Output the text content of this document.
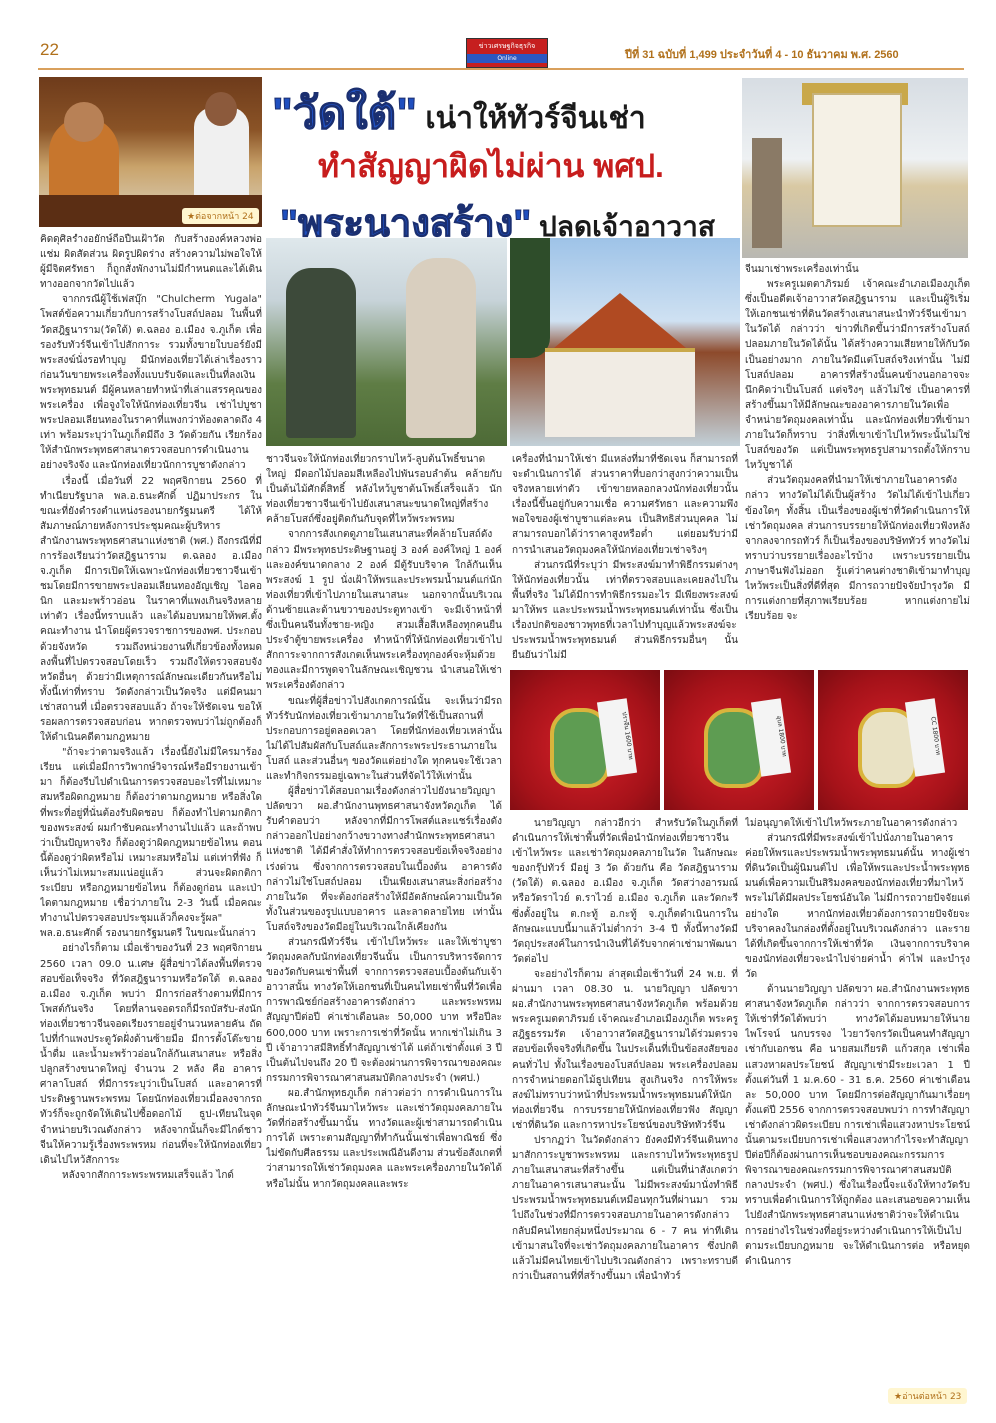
22	ข่าวเศรษฐกิจธุรกิจ
Online	ปีที่ 31 ฉบับที่ 1,499 ประจำวันที่ 4 - 10 ธันวาคม พ.ศ. 2560
★ต่อจากหน้า 24
"วัดใต้" เน่าให้ทัวร์จีนเช่า
ทำสัญญาผิดไม่ผ่าน พศป.
"พระนางสร้าง" ปลดเจ้าอาวาส
ปราจีน 1600 บาท	อุบล 1800 บาท	CC 1800 บาท

คิดดุศิลรำงอยักษ์ถือปืนเฝ้าวัด กับสร้างองค์หลวงพ่อแช่ม ผิดสัดส่วน ผิดรูปผิดร่าง สร้างความไม่พอใจให้ผู้มีจิตศรัทธา ก็ถูกสั่งพักงานไม่มีกำหนดและได้เดินทางออกจากวัดไปแล้ว

จากกรณีผู้ใช้เฟสบุ๊ก "Chulcherm Yugala" โพสต์ข้อความเกี่ยวกับการสร้างโบสถ์ปลอม ในพื้นที่วัดสฎิฐนาราม(วัดใต้) ต.ฉลอง อ.เมือง จ.ภูเก็ต เพื่อรองรับทัวร์จีนเข้าไปสักการะ รวมทั้งขายใบบอร์ยังมีพระสงฆ์นั่งรอทำบุญ มีนักท่องเที่ยวได้เล่าเรื่องราว ก่อนวันขายพระเครื่องทั้งแบบรับจัดและเป็นที่ลงเงินพระพุทธมนต์ มีผู้คนหลายทำหน้าที่เล่าแสรรคุณของพระเครื่อง เพื่อจูงใจให้นักท่องเที่ยวจีน เช่าไปบูชาพระปลอมเลียนทองในราคาที่แพงกว่าท้องตลาดถึง 4 เท่า พร้อมระบุว่าในภูเก็ตมีถึง 3 วัดด้วยกัน เรียกร้องให้สำนักพระพุทธศาสนาตรวจสอบการดำเนินงานอย่างจริงจัง และนักท่องเที่ยวนักการบูชาดังกล่าว

เรื่องนี้ เมื่อวันที่ 22 พฤศจิกายน 2560 ที่ทำเนียบรัฐบาล พล.อ.ธนะศักดิ์ ปฏิมาประกร ในขณะที่ยังดำรงตำแหน่งรองนายกรัฐมนตรี ได้ให้สัมภาษณ์ภายหลังการประชุมคณะผู้บริหารสำนักงานพระพุทธศาสนาแห่งชาติ (พศ.) ถึงกรณีที่มีการร้องเรียนว่าวัดสฎิฐนาราม ต.ฉลอง อ.เมือง จ.ภูเก็ต มีการเปิดให้เฉพาะนักท่องเที่ยวชาวจีนเข้าชมโดยมีการขายพระปลอมเลียนทองอัญเชิญ ไอคอนิก และมะพร้าวอ่อน ในราคาที่แพงเกินจริงหลายเท่าตัว เรื่องนี้ทราบแล้ว และได้มอบหมายให้พศ.ตั้งคณะทำงาน นำโดยผู้ตรวจราชการของพศ. ประกอบด้วยจังหวัด รวมถึงหน่วยงานที่เกี่ยวข้องทั้งหมด ลงพื้นที่ไปตรวจสอบโดยเร็ว รวมถึงให้ตรวจสอบจังหวัดอื่นๆ ด้วยว่ามีเหตุการณ์ลักษณะเดียวกันหรือไม่ ทั้งนี้เท่าที่ทราบ วัดดังกล่าวเป็นวัดจริง แต่มีคนมาเช่าสถานที่ เมื่อตรวจสอบแล้ว ถ้าจะให้ชัดเจน ขอให้รอผลการตรวจสอบก่อน หากตรวจพบว่าไม่ถูกต้องก็ให้ดำเนินคดีตามกฎหมาย

"ถ้าจะว่าตามจริงแล้ว เรื่องนี้ยังไม่มีใครมาร้องเรียน แต่เมื่อมีการวิพากษ์วิจารณ์หรือมีรายงานเข้ามา ก็ต้องรีบไปดำเนินการตรวจสอบอะไรที่ไม่เหมาะสมหรือผิดกฎหมาย ก็ต้องว่าตามกฎหมาย หรือสิ่งใดที่พระที่อยู่ที่นั่นต้องรับผิดชอบ ก็ต้องทำไปตามกติกาของพระสงฆ์ ผมกำชับคณะทำงานไปแล้ว และถ้าพบว่าเป็นปัญหาจริง ก็ต้องดูว่าผิดกฎหมายข้อไหน ตอนนี้ต้องดูว่าผิดหรือไม่ เหมาะสมหรือไม่ แต่เท่าที่ฟัง ก็เห็นว่าไม่เหมาะสมแน่อยู่แล้ว ส่วนจะผิดกติกา ระเบียบ หรือกฎหมายข้อไหน ก็ต้องดูก่อน และเป่าไดตามกฎหมาย เชื่อว่าภายใน 2-3 วันนี้ เมื่อคณะทำงานไปตรวจสอบประชุมแล้วก็คงจะรู้ผล" พล.อ.ธนะศักดิ์ รองนายกรัฐมนตรี ในขณะนั้นกล่าว

อย่างไรก็ตาม เมื่อเช้าของวันที่ 23 พฤศจิกายน 2560 เวลา 09.0 น.เศษ ผู้สื่อข่าวได้ลงพื้นที่ตรวจสอบข้อเท็จจริง ที่วัดสฎิฐนารามหรือวัดใต้ ต.ฉลอง อ.เมือง จ.ภูเก็ต พบว่า มีการก่อสร้างตามที่มีการโพสต์กันจริง โดยที่ลานจอดรถก็มีรถบัสรับ-ส่งนักท่องเที่ยวชาวจีนจอดเรียงรายอยู่จำนวนหลายคัน ถัดไปที่กำแพงประตูวัดฝั่งด้านซ้ายมือ มีการตั้งโต๊ะขายน้ำดื่ม และน้ำมะพร้าวอ่อนใกล้กันเสนาสนะ หรือสิ่งปลูกสร้างขนาดใหญ่ จำนวน 2 หลัง คือ อาคารศาลาโบสถ์ ที่มีการระบุว่าเป็นโบสถ์ และอาคารที่ประดิษฐานพระพรหม โดยนักท่องเที่ยวเมื่อลงจากรถทัวร์ก็จะถูกจัดให้เดินไปซื้อดอกไม้ ธูป-เทียนในจุดจำหน่ายบริเวณดังกล่าว หลังจากนั้นก็จะมีไกด์ชาวจีนให้ความรู้เรื่องพระพรหม ก่อนที่จะให้นักท่องเที่ยวเดินไปไหว้สักการะ

หลังจากสักการะพระพรหมเสร็จแล้ว ไกด์

ชาวจีนจะให้นักท่องเที่ยวกราบไหว้-ลูบต้นโพธิ์ขนาดใหญ่ มีดอกไม้ปลอมสีเหลืองไปพันรอบลำต้น คล้ายกับเป็นต้นไม้ศักดิ์สิทธิ์ หลังไหว้บูชาต้นโพธิ์เสร็จแล้ว นักท่องเที่ยวชาวจีนเข้าไปยังเสนาสนะขนาดใหญ่ที่สร้างคล้ายโบสถ์ซึ่งอยู่ติดกันกับจุดที่ไหว้พระพรหม

จากการสังเกตดูภายในเสนาสนะที่คล้ายโบสถ์ดังกล่าว มีพระพุทธประดิษฐานอยู่ 3 องค์ องค์ใหญ่ 1 องค์ และองค์ขนาดกลาง 2 องค์ มีตู้รับบริจาค ใกล้กันเห็นพระสงฆ์ 1 รูป นั่งเฝ้าให้พรและประพรมน้ำมนต์แก่นักท่องเที่ยวที่เข้าไปภายในเสนาสนะ นอกจากนั้นบริเวณด้านซ้ายและด้านขวาของประตูทางเข้า จะมีเจ้าหน้าที่ซึ่งเป็นคนจีนทั้งชาย-หญิง สวมเสื้อสีเหลืองทุกคนยืนประจำตู้ขายพระเครื่อง ทำหน้าที่ให้นักท่องเที่ยวเข้าไปสักการะจากการสังเกตเห็นพระเครื่องทุกองค์จะหุ้มด้วยทองและมีการพูดจาในลักษณะเชิญชวน นำเสนอให้เช่าพระเครื่องดังกล่าว

ขณะที่ผู้สื่อข่าวไปสังเกตการณ์นั้น จะเห็นว่ามีรถทัวร์รับนักท่องเที่ยวเข้ามาภายในวัดที่ใช้เป็นสถานที่ประกอบการอยู่ตลอดเวลา โดยที่นักท่องเที่ยวเหล่านั้น ไม่ได้ไปสัมผัสกับโบสถ์และสักการะพระประธานภายในโบสถ์ และส่วนอื่นๆ ของวัดแต่อย่างใด ทุกคนจะใช้เวลา และทำกิจกรรมอยู่เฉพาะในส่วนที่จัดไว้ให้เท่านั้น

ผู้สื่อข่าวได้สอบถามเรื่องดังกล่าวไปยังนายวิญญา ปลัดขวา ผอ.สำนักงานพุทธศาสนาจังหวัดภูเก็ต ได้รับคำตอบว่า หลังจากที่มีการโพสต์และแชร์เรื่องดังกล่าวออกไปอย่างกว้างขวางทางสำนักพระพุทธศาสนาแห่งชาติ ได้มีคำสั่งให้ทำการตรวจสอบข้อเท็จจริงอย่างเร่งด่วน ซึ่งจากการตรวจสอบในเบื้องต้น อาคารดังกล่าวไม่ใช่โบสถ์ปลอม เป็นเพียงเสนาสนะสิ่งก่อสร้างภายในวัด ที่จะต้องก่อสร้างให้มีอัตลักษณ์ความเป็นวัด ทั้งในส่วนของรูปแบบอาคาร และลาดลายไทย เท่านั้น โบสถ์จริงของวัดมีอยู่ในบริเวณใกล้เคียงกัน

ส่วนกรณีทัวร์จีน เข้าไปไหว้พระ และให้เช่าบูชาวัตถุมงคลกับนักท่องเที่ยวจีนนั้น เป็นการบริหารจัดการของวัดกับคนเช่าพื้นที่ จากการตรวจสอบเบื้องต้นกับเจ้าอาวาสนั้น ทางวัดให้เอกชนที่เป็นคนไทยเช่าพื้นที่วัดเพื่อการพาณิชย์ก่อสร้างอาคารดังกล่าว และพระพรหม สัญญาปีต่อปี ค่าเช่าเดือนละ 50,000 บาท หรือปีละ 600,000 บาท เพราะการเช่าที่วัดนั้น หากเช่าไม่เกิน 3 ปี เจ้าอาวาสมีสิทธิ์ทำสัญญาเช่าได้ แต่ถ้าเช่าตั้งแต่ 3 ปี เป็นต้นไปจนถึง 20 ปี จะต้องผ่านการพิจารณาของคณะกรรมการพิจารณาศาสนสมบัติกลางประจำ (พศป.)

ผอ.สำนักพุทธภูเก็ต กล่าวต่อว่า การดำเนินการในลักษณะนำทัวร์จีนมาไหว้พระ และเช่าวัตถุมงคลภายในวัดที่ก่อสร้างขึ้นมานั้น ทางวัดและผู้เช่าสามารถดำเนินการได้ เพราะตามสัญญาที่ทำกันนั้นเช่าเพื่อพาณิชย์ ซึ่งไม่ขัดกับศีลธรรม และประเพณีอันดีงาม ส่วนข้อสังเกตที่ว่าสามารถให้เช่าวัตถุมงคล และพระเครื่องภายในวัดได้หรือไม่นั้น หากวัตถุมงคลและพระ

เครื่องที่นำมาให้เช่า มีแหล่งที่มาที่ชัดเจน ก็สามารถที่จะดำเนินการได้ ส่วนราคาที่บอกว่าสูงกว่าความเป็นจริงหลายเท่าตัว เข้าขายหลอกลวงนักท่องเที่ยวนั้น เรื่องนี้ขึ้นอยู่กับความเชื่อ ความศรัทธา และความพึงพอใจของผู้เช่าบูชาแต่ละคน เป็นสิทธิส่วนบุคคล ไม่สามารถบอกได้ว่าราคาสูงหรือต่ำ แต่ยอมรับว่ามีการนำเสนอวัตถุมงคลให้นักท่องเที่ยวเช่าจริงๆ

ส่วนกรณีที่ระบุว่า มีพระสงฆ์มาทำพิธีกรรมต่างๆ ให้นักท่องเที่ยวนั้น เท่าที่ตรวจสอบและเคยลงไปในพื้นที่จริง ไม่ได้มีการทำพิธีกรรมอะไร มีเพียงพระสงฆ์มาให้พร และประพรมน้ำพระพุทธมนต์เท่านั้น ซึ่งเป็นเรื่องปกติของชาวพุทธที่เวลาไปทำบุญแล้วพระสงฆ์จะประพรมน้ำพระพุทธมนต์ ส่วนพิธีกรรมอื่นๆ นั้น ยืนยันว่าไม่มี

จีนมาเช่าพระเครื่องเท่านั้น

พระครูเมตตาภิรมย์ เจ้าคณะอำเภอเมืองภูเก็ต ซึ่งเป็นอดีตเจ้าอาวาสวัดสฎิฐนาราม และเป็นผู้ริเริ่มให้เอกชนเช่าที่ดินวัดสร้างเสนาสนะนำทัวร์จีนเข้ามาในวัดได้ กล่าวว่า ข่าวที่เกิดขึ้นว่ามีการสร้างโบสถ์ปลอมภายในวัดได้นั้น ได้สร้างความเสียหายให้กับวัดเป็นอย่างมาก ภายในวัดมีแต่โบสถ์จริงเท่านั้น ไม่มีโบสถ์ปลอม อาคารที่สร้างนั้นคนข้างนอกอาจจะนึกคิดว่าเป็นโบสถ์ แต่จริงๆ แล้วไม่ใช่ เป็นอาคารที่สร้างขึ้นมาให้มีลักษณะของอาคารภายในวัดเพื่อจำหน่ายวัตถุมงคลเท่านั้น และนักท่องเที่ยวที่เข้ามาภายในวัดก็ทราบ ว่าสิ่งที่เขาเข้าไปไหว้พระนั้นไม่ใช่โบสถ์ของวัด แต่เป็นพระพุทธรูปสามารถตั้งให้กราบไหว้บูชาได้

ส่วนวัตถุมงคลที่นำมาให้เช่าภายในอาคารดังกล่าว ทางวัดไม่ได้เป็นผู้สร้าง วัดไม่ได้เข้าไปเกี่ยวข้องใดๆ ทั้งสิ้น เป็นเรื่องของผู้เช่าที่วัดดำเนินการให้เช่าวัตถุมงคล ส่วนการบรรยายให้นักท่องเที่ยวฟังหลังจากลงจากรถทัวร์ ก็เป็นเรื่องของบริษัททัวร์ ทางวัดไม่ทราบว่าบรรยายเรื่องอะไรบ้าง เพราะบรรยายเป็นภาษาจีนฟังไม่ออก รู้แต่ว่าคนต่างชาติเข้ามาทำบุญไหว้พระเป็นสิ่งที่ดีที่สุด มีการถวายปัจจัยบำรุงวัด มีการแต่งกายที่สุภาพเรียบร้อย หากแต่งกายไม่เรียบร้อย จะ

นายวิญญา กล่าวอีกว่า สำหรับวัดในภูเก็ตที่ดำเนินการให้เช่าพื้นที่วัดเพื่อนำนักท่องเที่ยวชาวจีนเข้าไหว้พระ และเช่าวัตถุมงคลภายในวัด ในลักษณะของกรุ๊ปทัวร์ มีอยู่ 3 วัด ด้วยกัน คือ วัดสฎิฐนาราม (วัดใต้) ต.ฉลอง อ.เมือง จ.ภูเก็ต วัดสว่างอารมณ์ หรือวัดราไวย์ ต.ราไวย์ อ.เมือง จ.ภูเก็ต และวัดกะรี ซึ่งตั้งอยู่ใน ต.กะทู้ อ.กะทู้ จ.ภูเก็ตดำเนินการในลักษณะแบบนี้มาแล้วไม่ต่ำกว่า 3-4 ปี ทั้งนี้ทางวัดมีวัตถุประสงค์ในการนำเงินที่ได้รับจากค่าเช่ามาพัฒนาวัดต่อไป

จะอย่างไรก็ตาม ล่าสุดเมื่อเช้าวันที่ 24 พ.ย. ที่ผ่านมา เวลา 08.30 น. นายวิญญา ปลัดขวา ผอ.สำนักงานพระพุทธศาสนาจังหวัดภูเก็ต พร้อมด้วย พระครูเมตตาภิรมย์ เจ้าคณะอำเภอเมืองภูเก็ต พระครูสฎิฐธรรมรัต เจ้าอาวาสวัดสฎิฐนารามได้ร่วมตรวจสอบข้อเท็จจริงที่เกิดขึ้น ในประเด็นที่เป็นข้อสงสัยของคนทั่วไป ทั้งในเรื่องของโบสถ์ปลอม พระเครื่องปลอม การจำหน่ายดอกไม้ธูปเทียน สูงเกินจริง การให้พระสงฆ์ไม่ทราบว่าหน้าที่ประพรมน้ำพระพุทธมนต์ให้นักท่องเที่ยวจีน การบรรยายให้นักท่องเที่ยวฟัง สัญญาเช่าที่ดินวัด และการหาประโยชน์ของบริษัททัวร์จีน

ปรากฏว่า ในวัดดังกล่าว ยังคงมีทัวร์จีนเดินทางมาสักการะบูชาพระพรหม และกราบไหว้พระพุทธรูปภายในเสนาสนะที่สร้างขึ้น แต่เป็นที่น่าสังเกตว่า ภายในอาคารเสนาสนะนั้น ไม่มีพระสงฆ์มานั่งทำพิธีประพรมน้ำพระพุทธมนต์เหมือนทุกวันที่ผ่านมา รวมไปถึงในช่วงที่มีการตรวจสอบภายในอาคารดังกล่าว กลับมีคนไทยกลุ่มหนึ่งประมาณ 6 - 7 คน ท่าทีเดินเข้ามาสนใจที่จะเช่าวัตถุมงคลภายในอาคาร ซึ่งปกติแล้วไม่มีคนไทยเข้าไปบริเวณดังกล่าว เพราะทราบดีกว่าเป็นสถานที่ที่สร้างขึ้นมา เพื่อนำทัวร์

ไม่อนุญาตให้เข้าไปไหว้พระภายในอาคารดังกล่าว

ส่วนกรณีที่มีพระสงฆ์เข้าไปนั่งภายในอาคาร ค่อยให้พรและประพรมน้ำพระพุทธมนต์นั้น ทางผู้เช่าที่ดินวัดเป็นผู้นิมนต์ไป เพื่อให้พรและประน้ำพระพุทธมนต์เพื่อความเป็นสิริมงคลของนักท่องเที่ยวที่มาไหว้พระไม่ได้มีผลประโยชน์อันใด ไม่มีการถวายปัจจัยแต่อย่างใด หากนักท่องเที่ยวต้องการถวายปัจจัยจะบริจาคลงในกล่องที่ตั้งอยู่ในบริเวณดังกล่าว และรายได้ที่เกิดขึ้นจากการให้เช่าที่วัด เงินจากการบริจาคของนักท่องเที่ยวจะนำไปจ่ายค่าน้ำ ค่าไฟ และบำรุงวัด

ด้านนายวิญญา ปลัดขวา ผอ.สำนักงานพระพุทธศาสนาจังหวัดภูเก็ต กล่าวว่า จากการตรวจสอบการให้เช่าที่วัดได้พบว่า ทางวัดได้มอบหมายให้นายไพโรจน์ นกบรรจง ไวยาวัจกรวัดเป็นคนทำสัญญาเช่ากับเอกชน คือ นายสมเกียรติ แก้วสกุล เช่าเพื่อแสวงหาผลประโยชน์ สัญญาเช่ามีระยะเวลา 1 ปี ตั้งแต่วันที่ 1 ม.ค.60 - 31 ธ.ค. 2560 ค่าเช่าเดือนละ 50,000 บาท โดยมีการต่อสัญญากันมาเรื่อยๆ ตั้งแต่ปี 2556 จากการตรวจสอบพบว่า การทำสัญญาเช่าดังกล่าวผิดระเบียบ การเช่าเพื่อแสวงหาประโยชน์นั้นตามระเบียบการเช่าเพื่อแสวงหากำไรจะทำสัญญาปีต่อปีก็ต้องผ่านการเห็นชอบของคณะกรรมการพิจารณาของคณะกรรมการพิจารณาศาสนสมบัติกลางประจำ (พศป.) ซึ่งในเรื่องนี้จะแจ้งให้ทางวัดรับทราบเพื่อดำเนินการให้ถูกต้อง และเสนอขอความเห็นไปยังสำนักพระพุทธศาสนาแห่งชาติว่าจะให้ดำเนินการอย่างไรในช่วงที่อยู่ระหว่างดำเนินการให้เป็นไปตามระเบียบกฎหมาย จะให้ดำเนินการต่อ หรือหยุดดำเนินการ

★อ่านต่อหน้า 23
